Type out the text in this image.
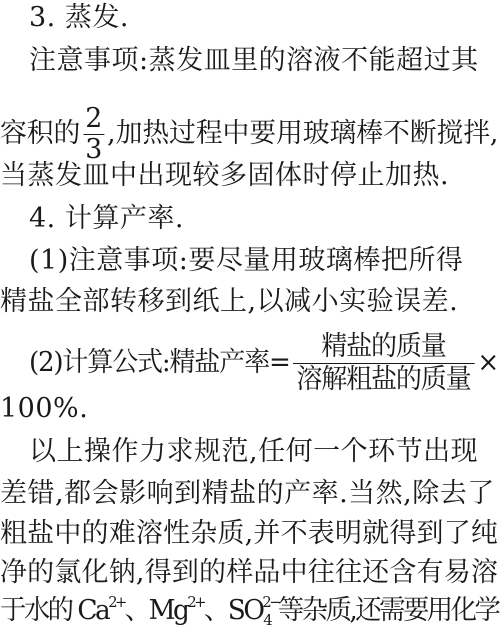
3. 蒸发.
注意事项:蒸发皿里的溶液不能超过其
容积的 $\frac{2}{3}$ ,加热过程中要用玻璃棒不断搅拌,
当蒸发皿中出现较多固体时停止加热.
4. 计算产率.
(1)注意事项:要尽量用玻璃棒把所得
精盐全部转移到纸上,以减小实验误差.
(2)计算公式:精盐产率= $\frac{\text{精盐的质量}}{\text{溶解粗盐的质量}}$ ×
100%.
以上操作力求规范,任何一个环节出现
差错,都会影响到精盐的产率.当然,除去了
粗盐中的难溶性杂质,并不表明就得到了纯
净的氯化钠,得到的样品中往往还含有易溶
于水的 $Ca^{2+}$、$Mg^{2+}$、$SO^{2-}_4$ 等杂质,还需要用化学
